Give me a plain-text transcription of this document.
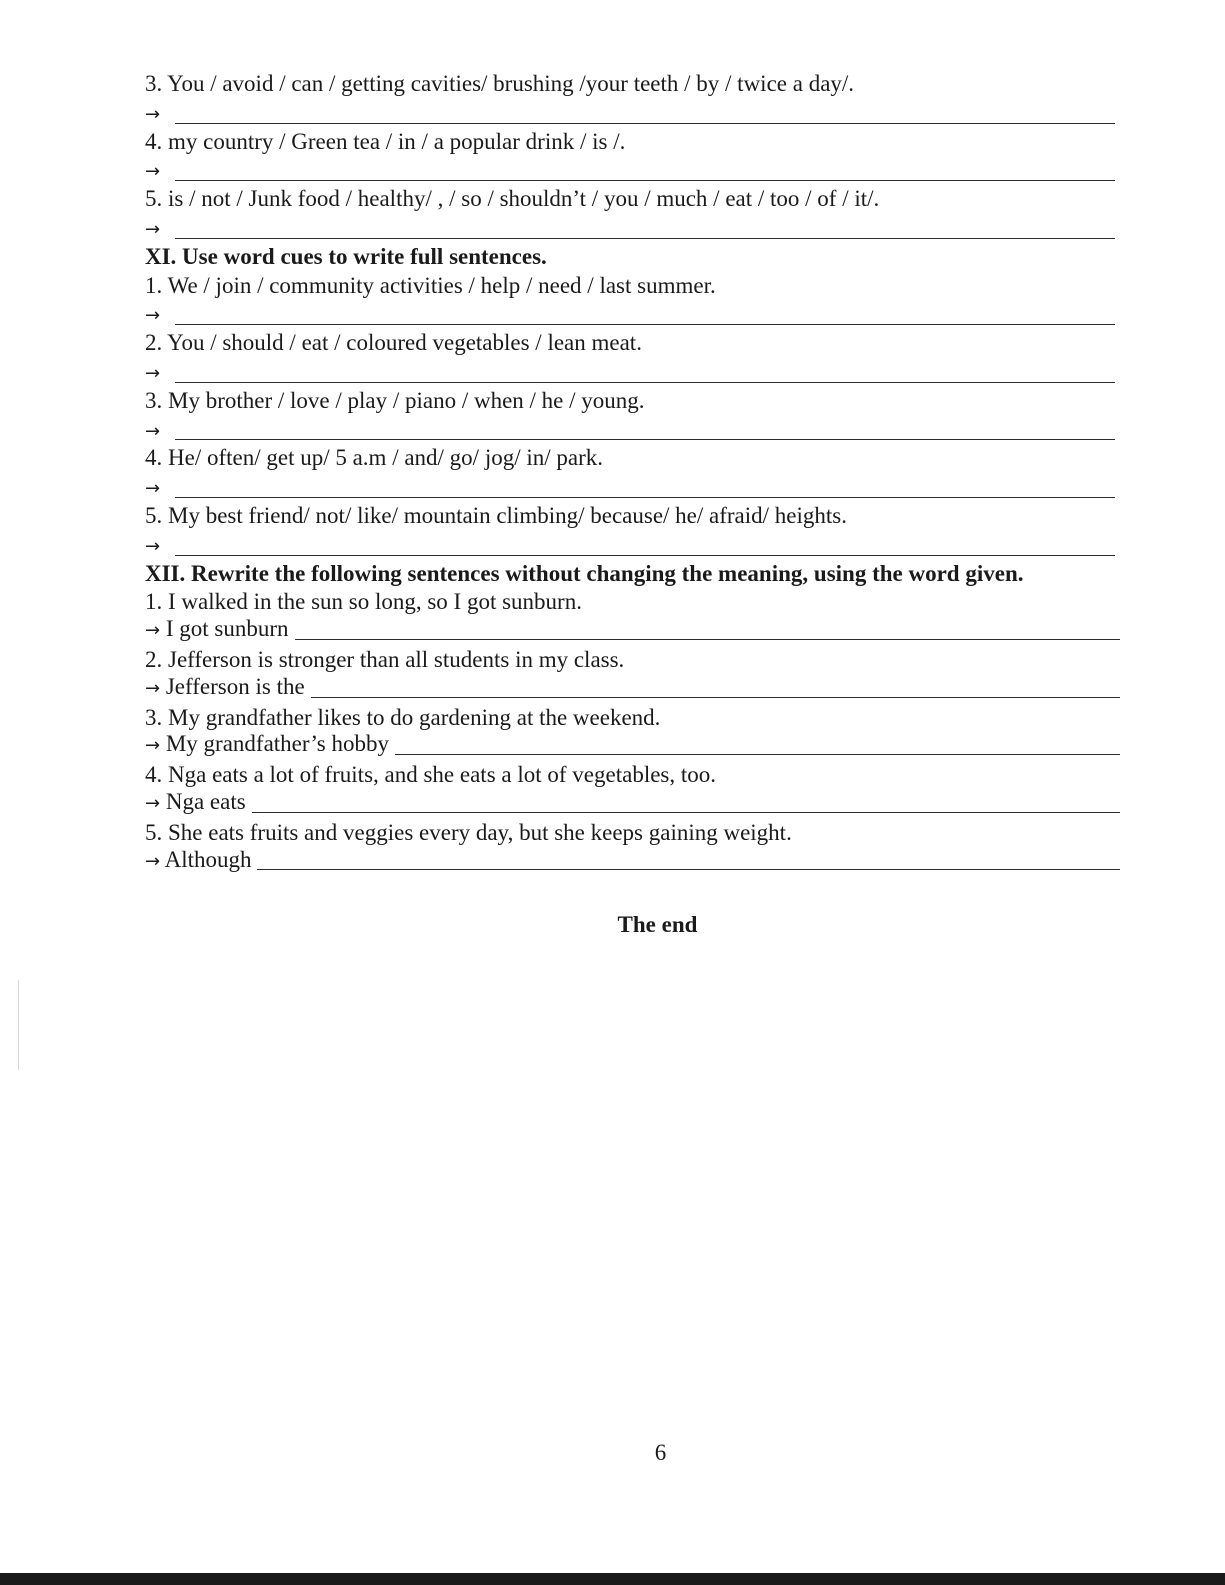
3. You / avoid / can / getting cavities/ brushing /your teeth / by / twice a day/.
→
4. my country / Green tea / in / a popular drink / is /.
→
5. is / not / Junk food / healthy/ , / so / shouldn’t / you / much / eat / too / of / it/.
→
XI. Use word cues to write full sentences.
1. We / join / community activities / help / need / last summer.
→
2. You / should / eat / coloured vegetables / lean meat.
→
3. My brother / love / play / piano / when / he / young.
→
4. He/ often/ get up/ 5 a.m / and/ go/ jog/ in/ park.
→
5. My best friend/ not/ like/ mountain climbing/ because/ he/ afraid/ heights.
→
XII. Rewrite the following sentences without changing the meaning, using the word given.
1. I walked in the sun so long, so I got sunburn.
→ I got sunburn
2. Jefferson is stronger than all students in my class.
→ Jefferson is the
3. My grandfather likes to do gardening at the weekend.
→ My grandfather’s hobby
4. Nga eats a lot of fruits, and she eats a lot of vegetables, too.
→ Nga eats
5. She eats fruits and veggies every day, but she keeps gaining weight.
→ Although
The end
6
